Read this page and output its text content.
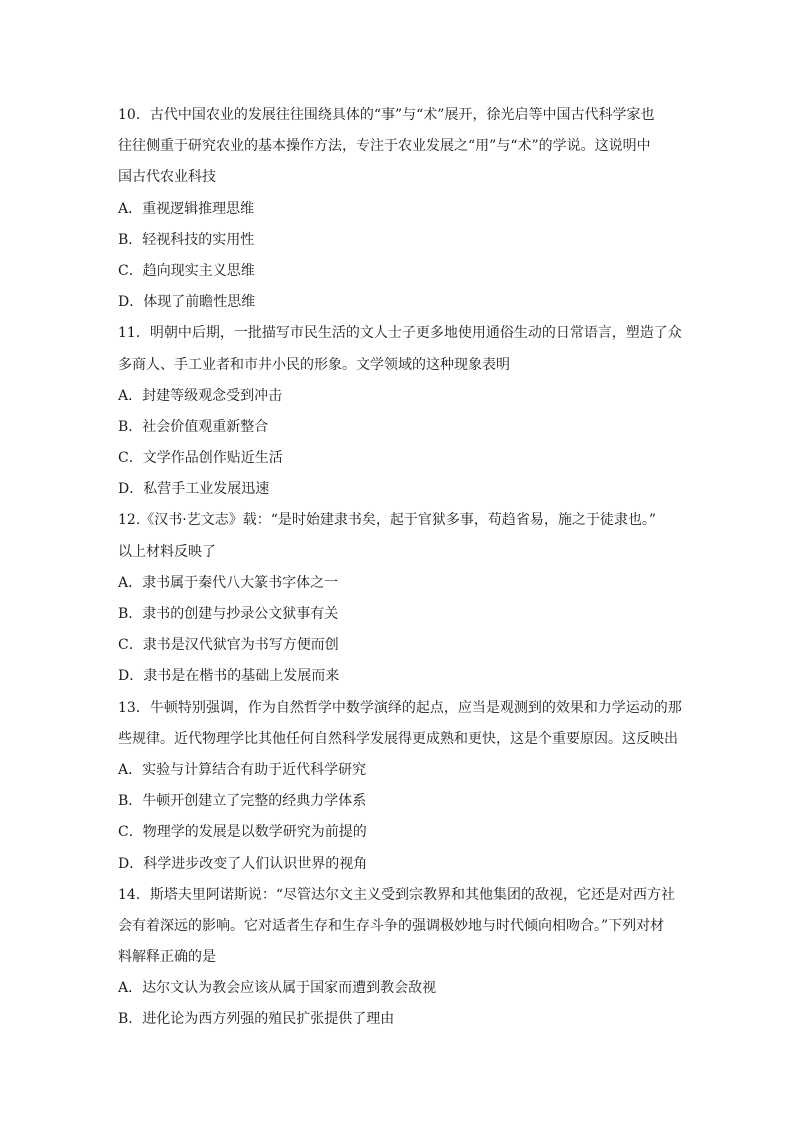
10．古代中国农业的发展往往围绕具体的“事”与“术”展开，徐光启等中国古代科学家也
往往侧重于研究农业的基本操作方法，专注于农业发展之“用”与“术”的学说。这说明中
国古代农业科技
A．重视逻辑推理思维
B．轻视科技的实用性
C．趋向现实主义思维
D．体现了前瞻性思维
11．明朝中后期，一批描写市民生活的文人士子更多地使用通俗生动的日常语言，塑造了众
多商人、手工业者和市井小民的形象。文学领域的这种现象表明
A．封建等级观念受到冲击
B．社会价值观重新整合
C．文学作品创作贴近生活
D．私营手工业发展迅速
12.《汉书·艺文志》载：“是时始建隶书矣，起于官狱多事，苟趋省易，施之于徒隶也。”
以上材料反映了
A．隶书属于秦代八大篆书字体之一
B．隶书的创建与抄录公文狱事有关
C．隶书是汉代狱官为书写方便而创
D．隶书是在楷书的基础上发展而来
13．牛顿特别强调，作为自然哲学中数学演绎的起点，应当是观测到的效果和力学运动的那
些规律。近代物理学比其他任何自然科学发展得更成熟和更快，这是个重要原因。这反映出
A．实验与计算结合有助于近代科学研究
B．牛顿开创建立了完整的经典力学体系
C．物理学的发展是以数学研究为前提的
D．科学进步改变了人们认识世界的视角
14．斯塔夫里阿诺斯说：“尽管达尔文主义受到宗教界和其他集团的敌视，它还是对西方社
会有着深远的影响。它对适者生存和生存斗争的强调极妙地与时代倾向相吻合。”下列对材
料解释正确的是
A．达尔文认为教会应该从属于国家而遭到教会敌视
B．进化论为西方列强的殖民扩张提供了理由
